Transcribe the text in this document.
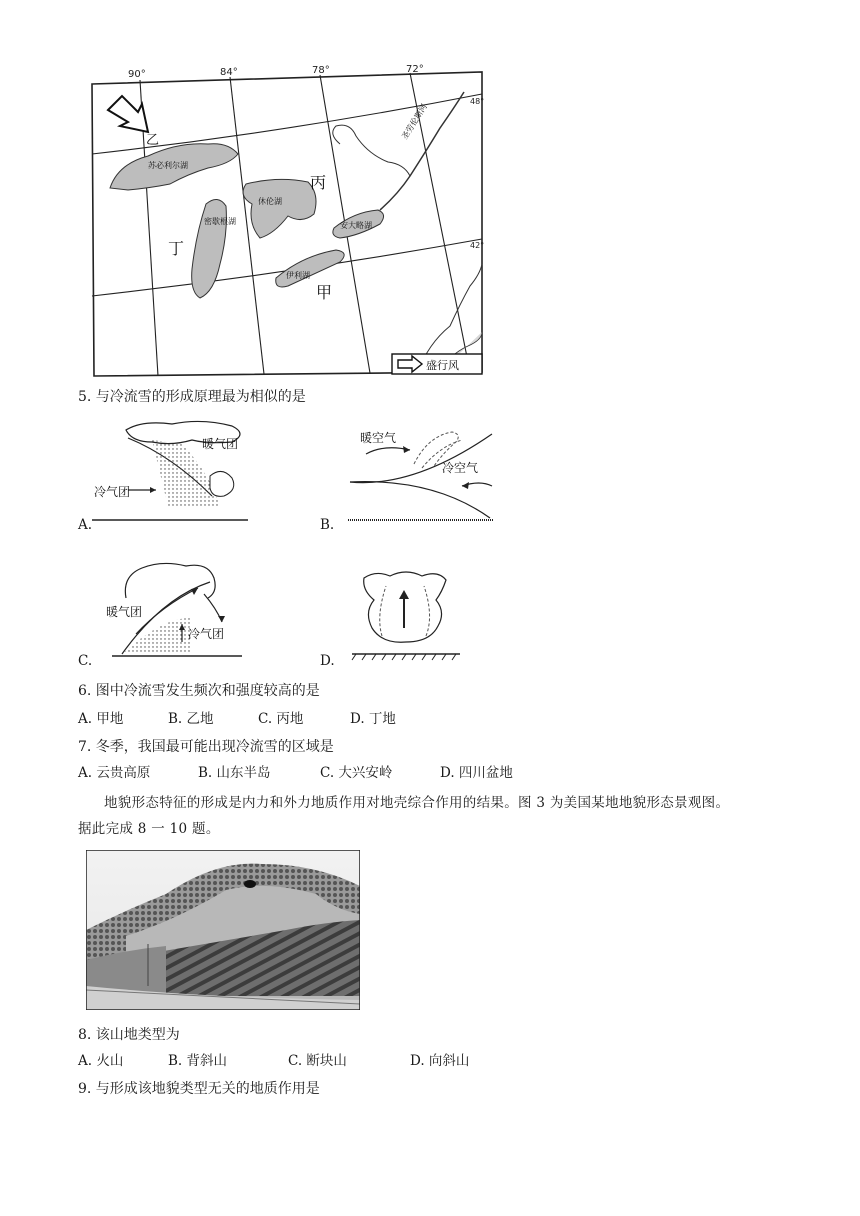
90°	84°	78°	72°
48°
42°
苏必利尔湖
密歇根湖
休伦湖
伊利湖
安大略湖
圣劳伦斯河
甲
乙
丙
丁
盛行风
5. 与冷流雪的形成原理最为相似的是
暖气团
冷气团
A.
暖空气
冷空气
B.
暖气团
冷气团
C.	D.
6. 图中冷流雪发生频次和强度较高的是
A. 甲地	B. 乙地	C. 丙地	D. 丁地
7. 冬季，我国最可能出现冷流雪的区域是
A. 云贵高原	B. 山东半岛	C. 大兴安岭	D. 四川盆地
地貌形态特征的形成是内力和外力地质作用对地壳综合作用的结果。图 3 为美国某地地貌形态景观图。
据此完成 8 一 10 题。
8. 该山地类型为
A. 火山	B. 背斜山	C. 断块山	D. 向斜山
9. 与形成该地貌类型无关的地质作用是
